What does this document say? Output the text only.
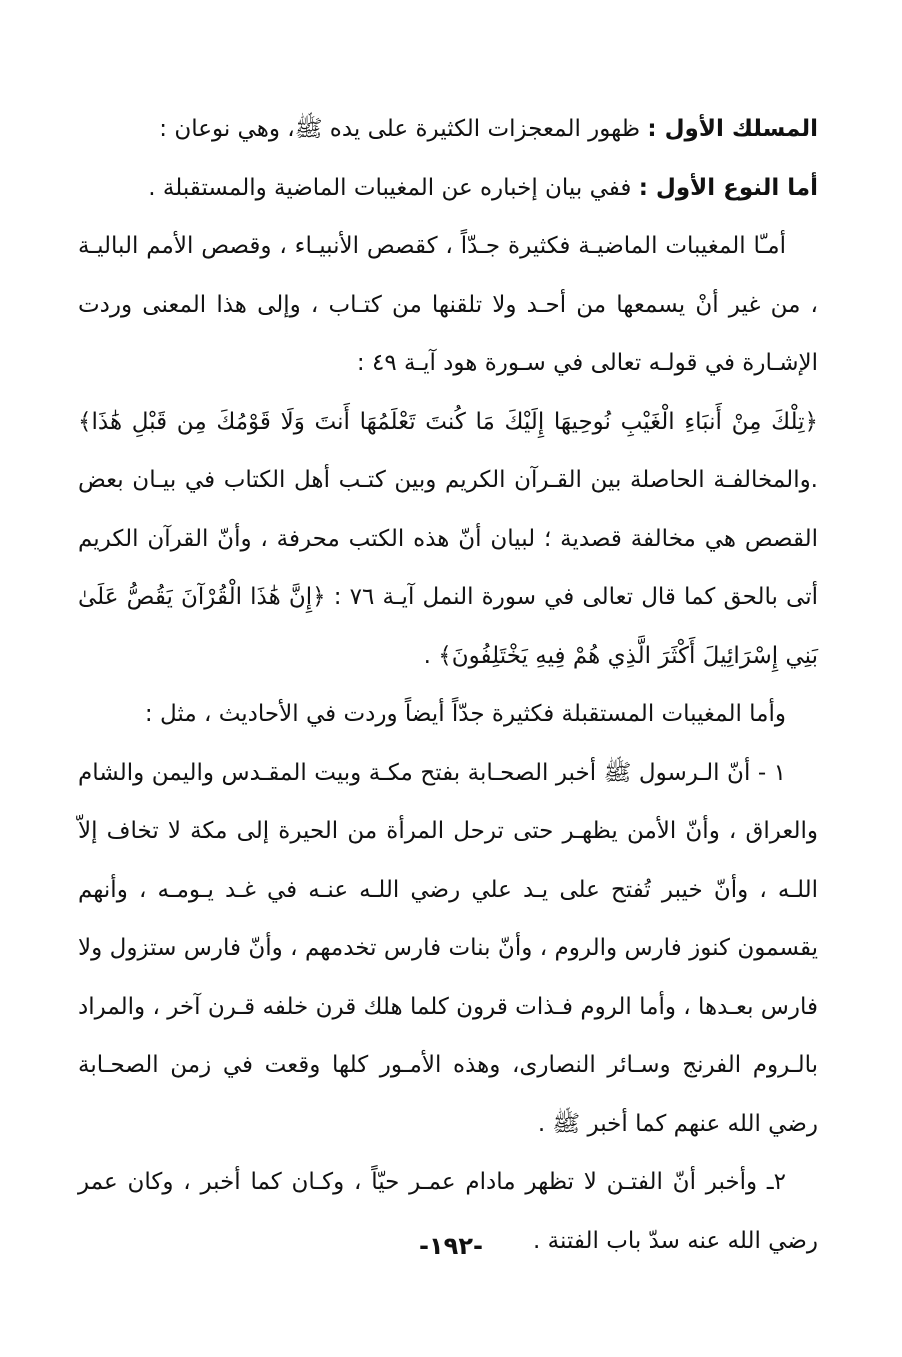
المسلك الأول : ظهور المعجزات الكثيرة على يده ﷺ، وهي نوعان :

أما النوع الأول : ففي بيان إخباره عن المغيبات الماضية والمستقبلة .

أمـّا المغيبات الماضيـة فكثيرة جـدّاً ، كقصص الأنبيـاء ، وقصص الأمم الباليـة ، من غير أنْ يسمعها من أحـد ولا تلقنها من كتـاب ، وإلى هذا المعنى وردت الإشـارة في قولـه تعالى في سـورة هود آيـة ٤٩ :

﴿تِلْكَ مِنْ أَنبَاءِ الْغَيْبِ نُوحِيهَا إِلَيْكَ مَا كُنتَ تَعْلَمُهَا أَنتَ وَلَا قَوْمُكَ مِن قَبْلِ هَٰذَا﴾ .والمخالفـة الحاصلة بين القـرآن الكريم وبين كتـب أهل الكتاب في بيـان بعض القصص هي مخالفة قصدية ؛ لبيان أنّ هذه الكتب محرفة ، وأنّ القرآن الكريم أتى بالحق كما قال تعالى في سورة النمل آيـة ٧٦ : ﴿إِنَّ هَٰذَا الْقُرْآنَ يَقُصُّ عَلَىٰ بَنِي إِسْرَائِيلَ أَكْثَرَ الَّذِي هُمْ فِيهِ يَخْتَلِفُونَ﴾ .

وأما المغيبات المستقبلة فكثيرة جدّاً أيضاً وردت في الأحاديث ، مثل :

١ - أنّ الـرسول ﷺ أخبر الصحـابة بفتح مكـة وبيت المقـدس واليمن والشام والعراق ، وأنّ الأمن يظهـر حتى ترحل المرأة من الحيرة إلى مكة لا تخاف إلاّ اللـه ، وأنّ خيبر تُفتح على يـد علي رضي اللـه عنـه في غـد يـومـه ، وأنهم يقسمون كنوز فارس والروم ، وأنّ بنات فارس تخدمهم ، وأنّ فارس ستزول ولا فارس بعـدها ، وأما الروم فـذات قرون كلما هلك قرن خلفه قـرن آخر ، والمراد بالـروم الفرنج وسـائر النصارى، وهذه الأمـور كلها وقعت في زمن الصحـابة رضي الله عنهم كما أخبر ﷺ .

٢ـ وأخبر أنّ الفتـن لا تظهر مادام عمـر حيّاً ، وكـان كما أخبر ، وكان عمر رضي الله عنه سدّ باب الفتنة .

-١٩٢-
